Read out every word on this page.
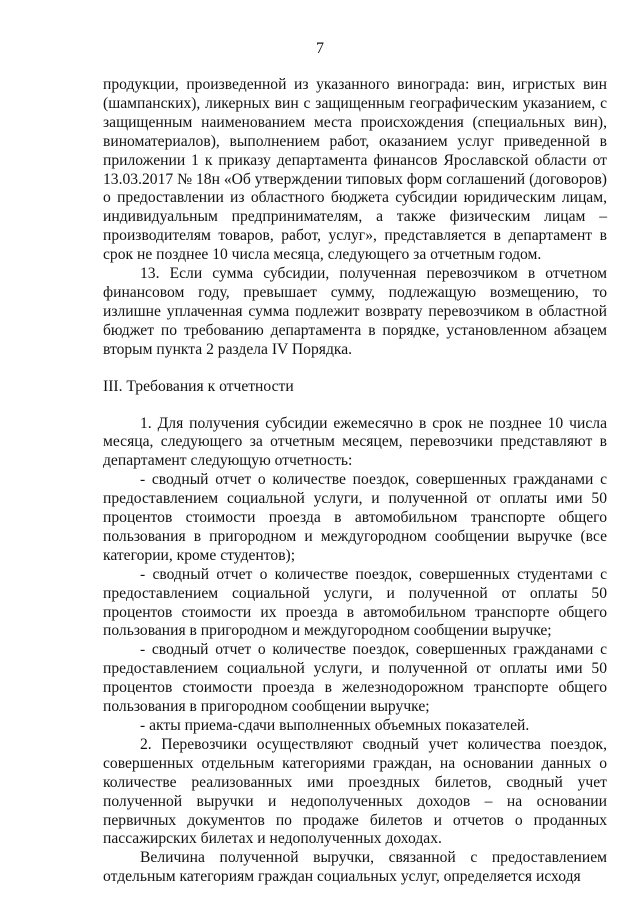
7

продукции, произведенной из указанного винограда: вин, игристых вин (шампанских), ликерных вин с защищенным географическим указанием, с защищенным наименованием места происхождения (специальных вин), виноматериалов), выполнением работ, оказанием услуг приведенной в приложении 1 к приказу департамента финансов Ярославской области от 13.03.2017 № 18н «Об утверждении типовых форм соглашений (договоров) о предоставлении из областного бюджета субсидии юридическим лицам, индивидуальным предпринимателям, а также физическим лицам – производителям товаров, работ, услуг», представляется в департамент в срок не позднее 10 числа месяца, следующего за отчетным годом.

13. Если сумма субсидии, полученная перевозчиком в отчетном финансовом году, превышает сумму, подлежащую возмещению, то излишне уплаченная сумма подлежит возврату перевозчиком в областной бюджет по требованию департамента в порядке, установленном абзацем вторым пункта 2 раздела IV Порядка.

III. Требования к отчетности

1. Для получения субсидии ежемесячно в срок не позднее 10 числа месяца, следующего за отчетным месяцем, перевозчики представляют в департамент следующую отчетность:

- сводный отчет о количестве поездок, совершенных гражданами с предоставлением социальной услуги, и полученной от оплаты ими 50 процентов стоимости проезда в автомобильном транспорте общего пользования в пригородном и междугородном сообщении выручке (все категории, кроме студентов);

- сводный отчет о количестве поездок, совершенных студентами с предоставлением социальной услуги, и полученной от оплаты 50 процентов стоимости их проезда в автомобильном транспорте общего пользования в пригородном и междугородном сообщении выручке;

- сводный отчет о количестве поездок, совершенных гражданами с предоставлением социальной услуги, и полученной от оплаты ими 50 процентов стоимости проезда в железнодорожном транспорте общего пользования в пригородном сообщении выручке;

- акты приема-сдачи выполненных объемных показателей.

2. Перевозчики осуществляют сводный учет количества поездок, совершенных отдельным категориями граждан, на основании данных о количестве реализованных ими проездных билетов, сводный учет полученной выручки и недополученных доходов – на основании первичных документов по продаже билетов и отчетов о проданных пассажирских билетах и недополученных доходах.

Величина полученной выручки, связанной с предоставлением отдельным категориям граждан социальных услуг, определяется исходя
